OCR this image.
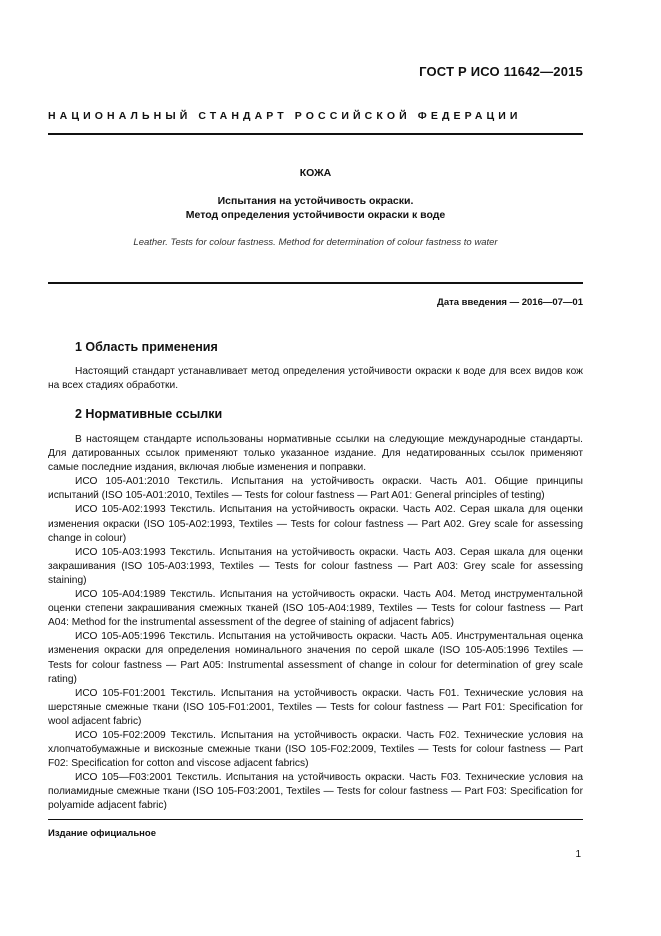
ГОСТ Р ИСО 11642—2015
НАЦИОНАЛЬНЫЙ СТАНДАРТ РОССИЙСКОЙ ФЕДЕРАЦИИ
КОЖА
Испытания на устойчивость окраски.
Метод определения устойчивости окраски к воде
Leather. Tests for colour fastness. Method for determination of colour fastness to water
Дата введения — 2016—07—01
1 Область применения

Настоящий стандарт устанавливает метод определения устойчивости окраски к воде для всех видов кож на всех стадиях обработки.

2 Нормативные ссылки

В настоящем стандарте использованы нормативные ссылки на следующие международные стандарты. Для датированных ссылок применяют только указанное издание. Для недатированных ссылок применяют самые последние издания, включая любые изменения и поправки.

ИСО 105-A01:2010 Текстиль. Испытания на устойчивость окраски. Часть A01. Общие принципы испытаний (ISO 105-A01:2010, Textiles — Tests for colour fastness — Part A01: General principles of testing)

ИСО 105-A02:1993 Текстиль. Испытания на устойчивость окраски. Часть A02. Серая шкала для оценки изменения окраски (ISO 105-A02:1993, Textiles — Tests for colour fastness — Part A02. Grey scale for assessing change in colour)

ИСО 105-A03:1993 Текстиль. Испытания на устойчивость окраски. Часть A03. Серая шкала для оценки закрашивания (ISO 105-A03:1993, Textiles — Tests for colour fastness — Part A03: Grey scale for assessing staining)

ИСО 105-A04:1989 Текстиль. Испытания на устойчивость окраски. Часть A04. Метод инструментальной оценки степени закрашивания смежных тканей (ISO 105-A04:1989, Textiles — Tests for colour fastness — Part A04: Method for the instrumental assessment of the degree of staining of adjacent fabrics)

ИСО 105-A05:1996 Текстиль. Испытания на устойчивость окраски. Часть A05. Инструментальная оценка изменения окраски для определения номинального значения по серой шкале (ISO 105-A05:1996 Textiles — Tests for colour fastness — Part A05: Instrumental assessment of change in colour for determination of grey scale rating)

ИСО 105-F01:2001 Текстиль. Испытания на устойчивость окраски. Часть F01. Технические условия на шерстяные смежные ткани (ISO 105-F01:2001, Textiles — Tests for colour fastness — Part F01: Specification for wool adjacent fabric)

ИСО 105-F02:2009 Текстиль. Испытания на устойчивость окраски. Часть F02. Технические условия на хлопчатобумажные и вискозные смежные ткани (ISO 105-F02:2009, Textiles — Tests for colour fastness — Part F02: Specification for cotton and viscose adjacent fabrics)

ИСО 105—F03:2001 Текстиль. Испытания на устойчивость окраски. Часть F03. Технические условия на полиамидные смежные ткани (ISO 105-F03:2001, Textiles — Tests for colour fastness — Part F03: Specification for polyamide adjacent fabric)

Издание официальное
1
